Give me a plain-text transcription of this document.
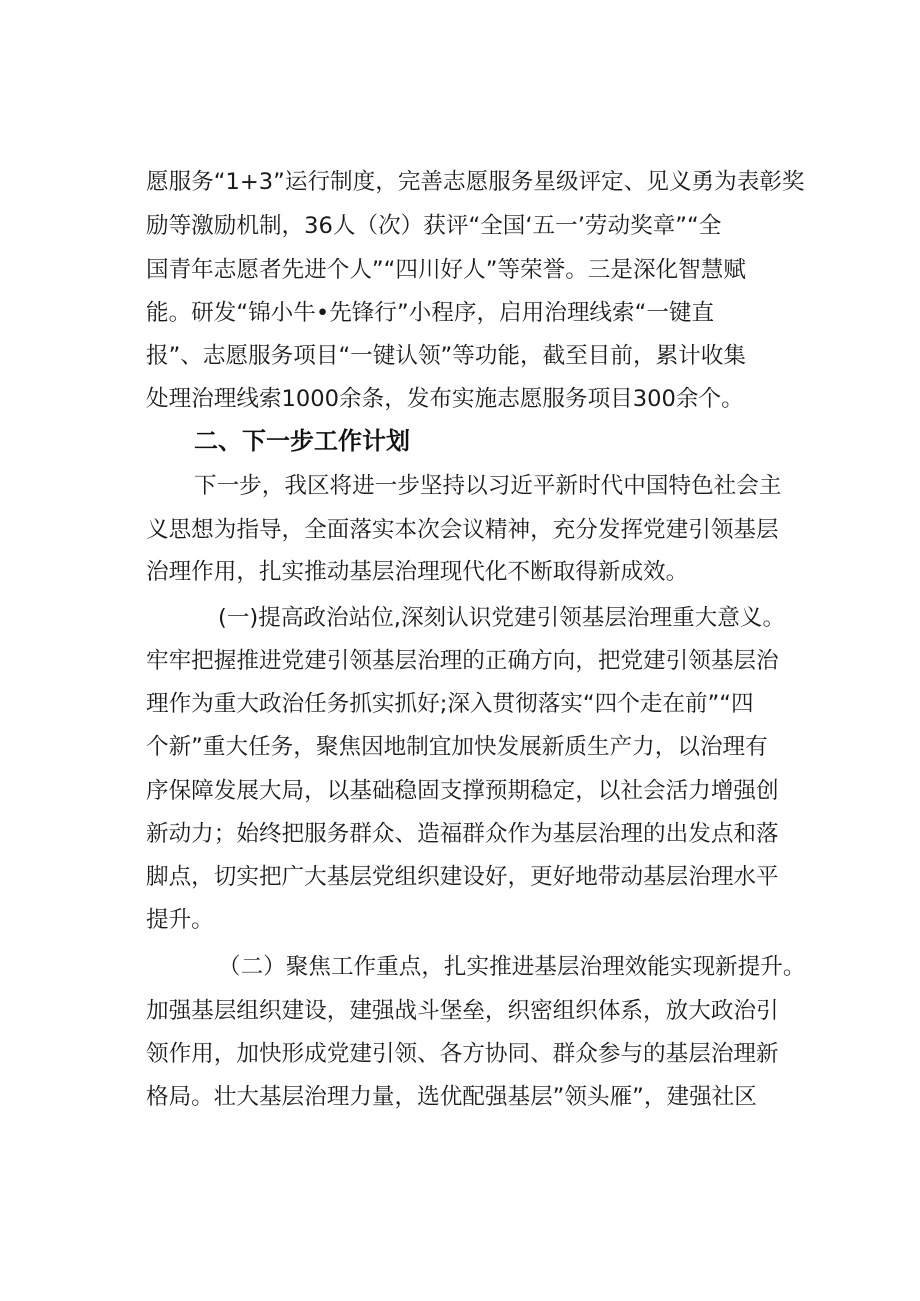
愿服务“1+3”运行制度，完善志愿服务星级评定、见义勇为表彰奖
励等激励机制，36人（次）获评“全国‘五一’劳动奖章”“全
国青年志愿者先进个人”“四川好人”等荣誉。三是深化智慧赋
能。研发“锦小牛•先锋行”小程序，启用治理线索“一键直
报”、志愿服务项目“一键认领”等功能，截至目前，累计收集
处理治理线索1000余条，发布实施志愿服务项目300余个。
二、下一步工作计划
下一步，我区将进一步坚持以习近平新时代中国特色社会主
义思想为指导，全面落实本次会议精神，充分发挥党建引领基层
治理作用，扎实推动基层治理现代化不断取得新成效。
(一)提高政治站位,深刻认识党建引领基层治理重大意义。
牢牢把握推进党建引领基层治理的正确方向，把党建引领基层治
理作为重大政治任务抓实抓好;深入贯彻落实“四个走在前”“四
个新”重大任务，聚焦因地制宜加快发展新质生产力，以治理有
序保障发展大局，以基础稳固支撑预期稳定，以社会活力增强创
新动力；始终把服务群众、造福群众作为基层治理的出发点和落
脚点，切实把广大基层党组织建设好，更好地带动基层治理水平
提升。
（二）聚焦工作重点，扎实推进基层治理效能实现新提升。
加强基层组织建设，建强战斗堡垒，织密组织体系，放大政治引
领作用，加快形成党建引领、各方协同、群众参与的基层治理新
格局。壮大基层治理力量，选优配强基层”领头雁”，建强社区
